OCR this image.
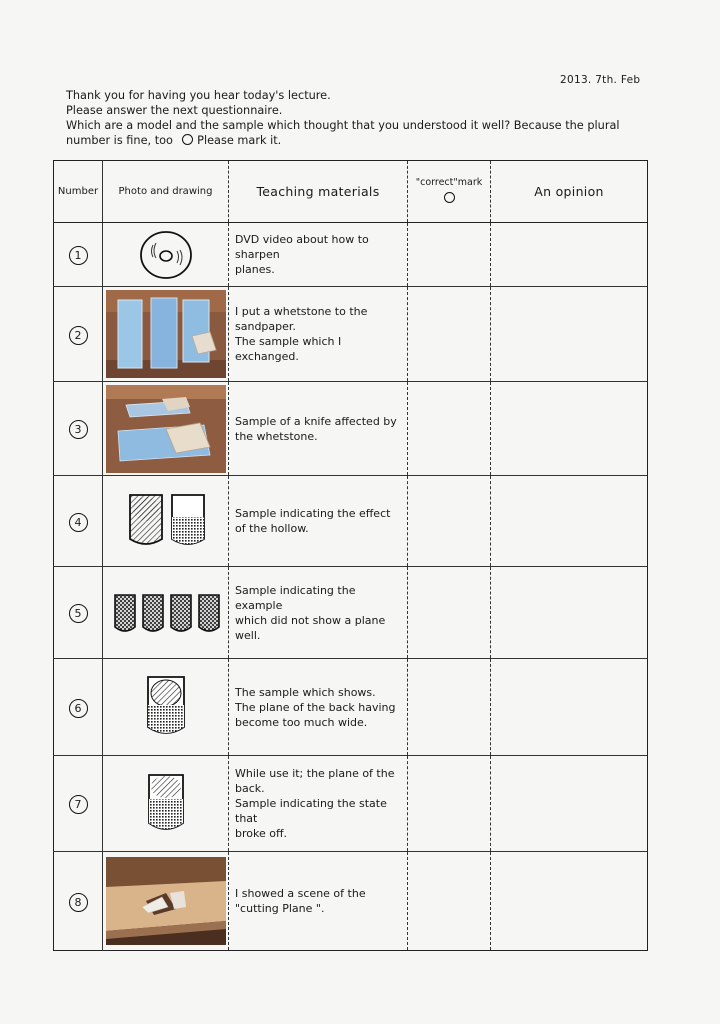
2013. 7th. Feb

Thank you for having you hear today's lecture.

Please answer the next questionnaire.

Which are a model and the sample which thought that you understood it well? Because the plural

number is fine, too ○ Please mark it.

Number	Photo and drawing	Teaching materials	"correct"mark	An opinion
1		DVD video about how to sharpen
planes.		

2		I put a whetstone to the
sandpaper.
The sample which I
exchanged.		

3		Sample of a knife affected by
the whetstone.		

4		Sample indicating the effect
of the hollow.		

5		Sample indicating the example
which did not show a plane
well.		

6		The sample which shows.
The plane of the back having
become too much wide.		

7		While use it; the plane of the
back.
Sample indicating the state
that
broke off.		

8		I showed a scene of the
"cutting Plane ".		
